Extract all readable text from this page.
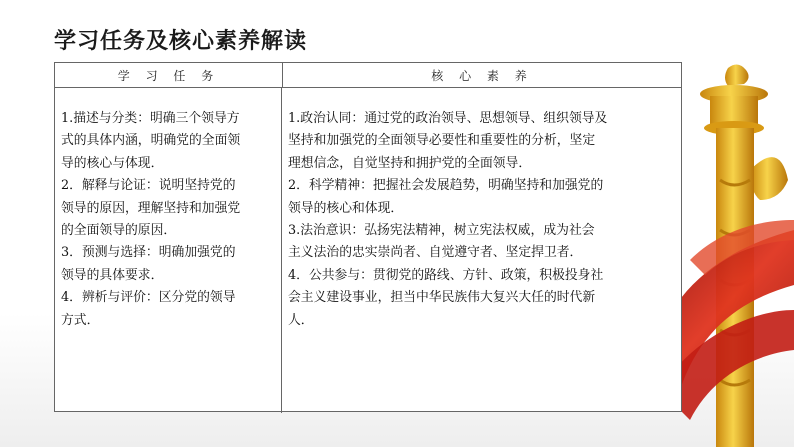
学习任务及核心素养解读
学 习 任 务	核 心 素 养
1.描述与分类：明确三个领导方
式的具体内涵，明确党的全面领
导的核心与体现．
2．解释与论证：说明坚持党的
领导的原因，理解坚持和加强党
的全面领导的原因．
3．预测与选择：明确加强党的
领导的具体要求．
4．辨析与评价：区分党的领导
方式．
1.政治认同：通过党的政治领导、思想领导、组织领导及
坚持和加强党的全面领导必要性和重要性的分析，坚定
理想信念，自觉坚持和拥护党的全面领导．
2．科学精神：把握社会发展趋势，明确坚持和加强党的
领导的核心和体现．
3.法治意识：弘扬宪法精神，树立宪法权威，成为社会
主义法治的忠实崇尚者、自觉遵守者、坚定捍卫者．
4．公共参与：贯彻党的路线、方针、政策，积极投身社
会主义建设事业，担当中华民族伟大复兴大任的时代新
人．
